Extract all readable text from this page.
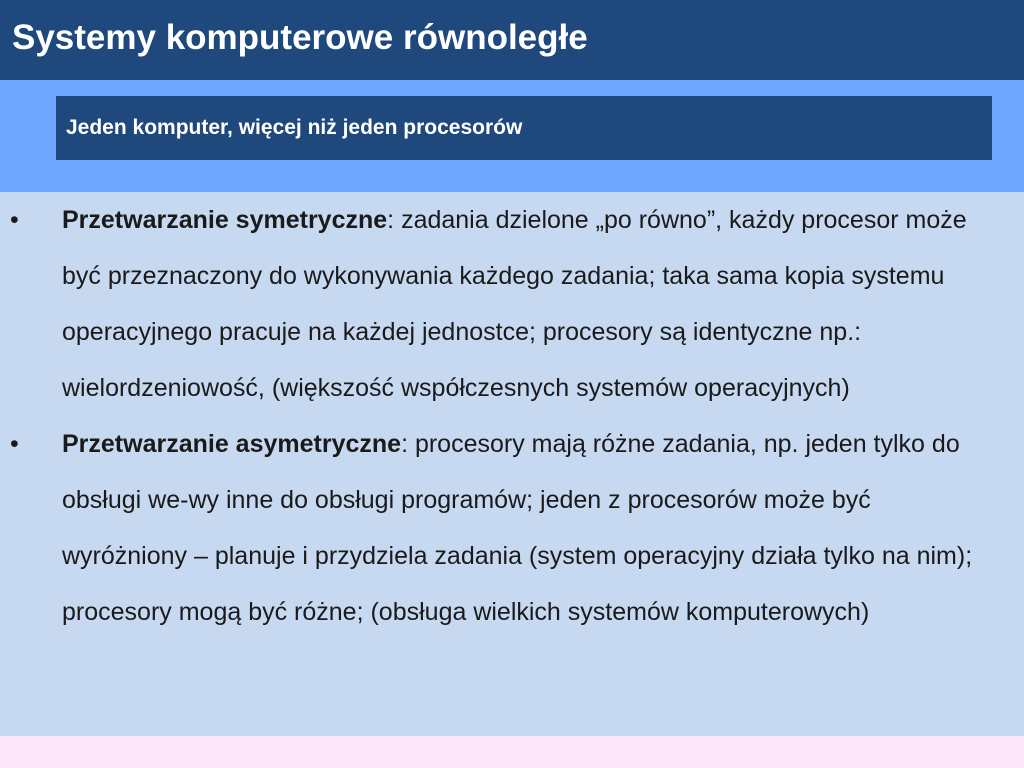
Systemy komputerowe równoległe
Jeden komputer, więcej niż jeden procesorów
• Przetwarzanie symetryczne: zadania dzielone „po równo”, każdy procesor może być przeznaczony do wykonywania każdego zadania; taka sama kopia systemu operacyjnego pracuje na każdej jednostce; procesory są identyczne np.: wielordzeniowość, (większość współczesnych systemów operacyjnych)
• Przetwarzanie asymetryczne: procesory mają różne zadania, np. jeden tylko do obsługi we-wy inne do obsługi programów; jeden z procesorów może być wyróżniony – planuje i przydziela zadania (system operacyjny działa tylko na nim); procesory mogą być różne; (obsługa wielkich systemów komputerowych)
